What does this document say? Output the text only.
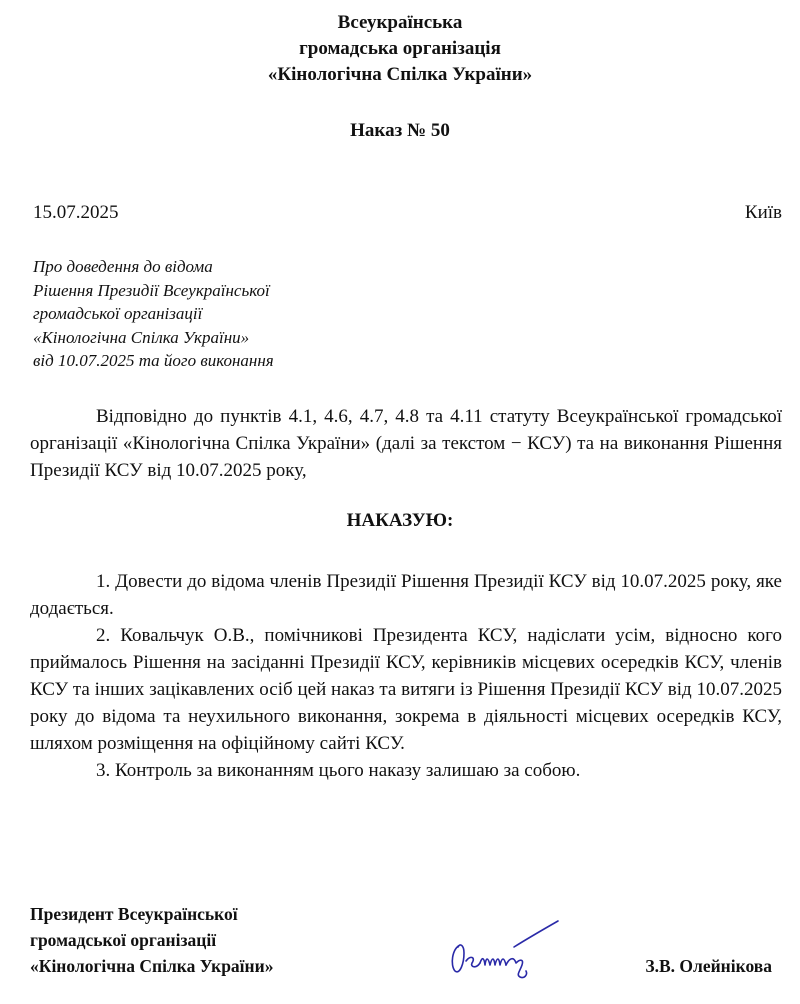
Всеукраїнська
громадська організація
«Кінологічна Спілка України»
Наказ № 50
15.07.2025	Київ
Про доведення до відома
Рішення Президії Всеукраїнської
громадської організації
«Кінологічна Спілка України»
від 10.07.2025 та його виконання
Відповідно до пунктів 4.1, 4.6, 4.7, 4.8 та 4.11 статуту Всеукраїнської громадської організації «Кінологічна Спілка України» (далі за текстом − КСУ) та на виконання Рішення Президії КСУ від 10.07.2025 року,
НАКАЗУЮ:

1. Довести до відома членів Президії Рішення Президії КСУ від 10.07.2025 року, яке додається.

2. Ковальчук О.В., помічникові Президента КСУ, надіслати усім, відносно кого приймалось Рішення на засіданні Президії КСУ, керівників місцевих осередків КСУ, членів КСУ та інших зацікавлених осіб цей наказ та витяги із Рішення Президії КСУ від 10.07.2025 року до відома та неухильного виконання, зокрема в діяльності місцевих осередків КСУ, шляхом розміщення на офіційному сайті КСУ.

3. Контроль за виконанням цього наказу залишаю за собою.

Президент Всеукраїнської
громадської організації
«Кінологічна Спілка України»	З.В. Олейнікова
